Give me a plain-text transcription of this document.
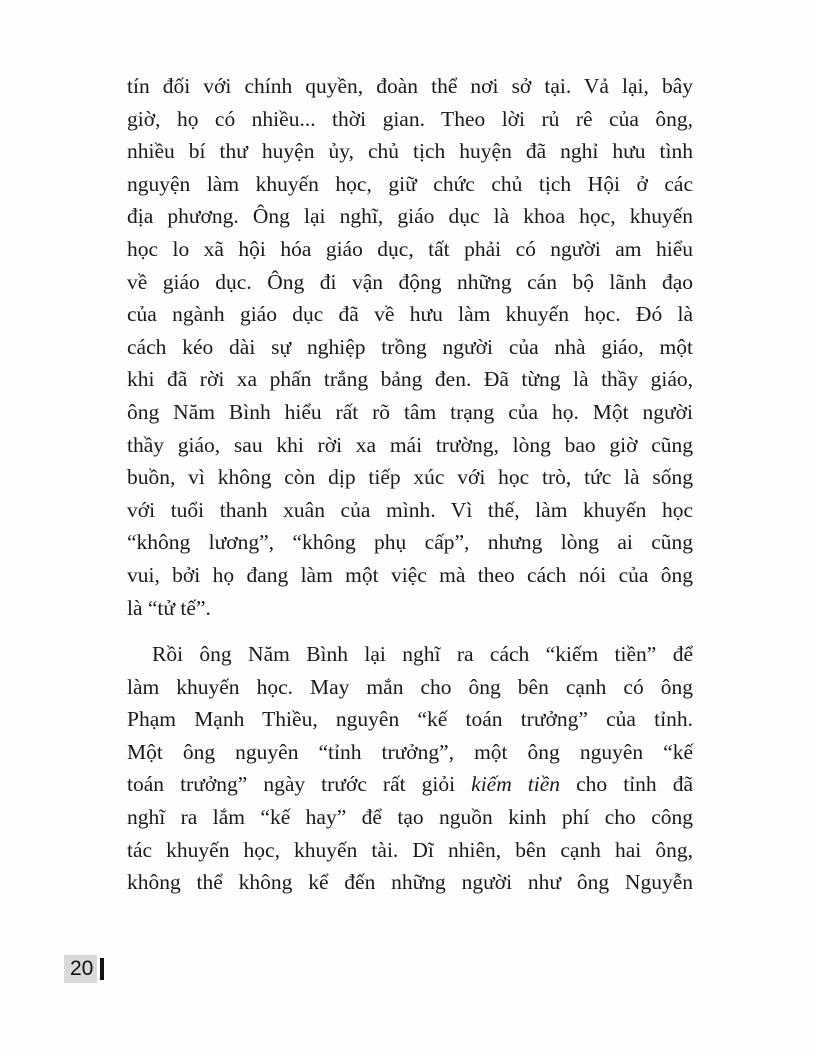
tín đối với chính quyền, đoàn thể nơi sở tại. Vả lại, bây
giờ, họ có nhiều... thời gian. Theo lời rủ rê của ông,
nhiều bí thư huyện ủy, chủ tịch huyện đã nghỉ hưu tình
nguyện làm khuyến học, giữ chức chủ tịch Hội ở các
địa phương. Ông lại nghĩ, giáo dục là khoa học, khuyến
học lo xã hội hóa giáo dục, tất phải có người am hiểu
về giáo dục. Ông đi vận động những cán bộ lãnh đạo
của ngành giáo dục đã về hưu làm khuyến học. Đó là
cách kéo dài sự nghiệp trồng người của nhà giáo, một
khi đã rời xa phấn trắng bảng đen. Đã từng là thầy giáo,
ông Năm Bình hiểu rất rõ tâm trạng của họ. Một người
thầy giáo, sau khi rời xa mái trường, lòng bao giờ cũng
buồn, vì không còn dịp tiếp xúc với học trò, tức là sống
với tuổi thanh xuân của mình. Vì thế, làm khuyến học
“không lương”, “không phụ cấp”, nhưng lòng ai cũng
vui, bởi họ đang làm một việc mà theo cách nói của ông
là “tử tế”.
Rồi ông Năm Bình lại nghĩ ra cách “kiếm tiền” để
làm khuyến học. May mắn cho ông bên cạnh có ông
Phạm Mạnh Thiều, nguyên “kế toán trưởng” của tỉnh.
Một ông nguyên “tỉnh trưởng”, một ông nguyên “kế
toán trưởng” ngày trước rất giỏi kiếm tiền cho tỉnh đã
nghĩ ra lắm “kế hay” để tạo nguồn kinh phí cho công
tác khuyến học, khuyến tài. Dĩ nhiên, bên cạnh hai ông,
không thể không kể đến những người như ông Nguyễn
20
